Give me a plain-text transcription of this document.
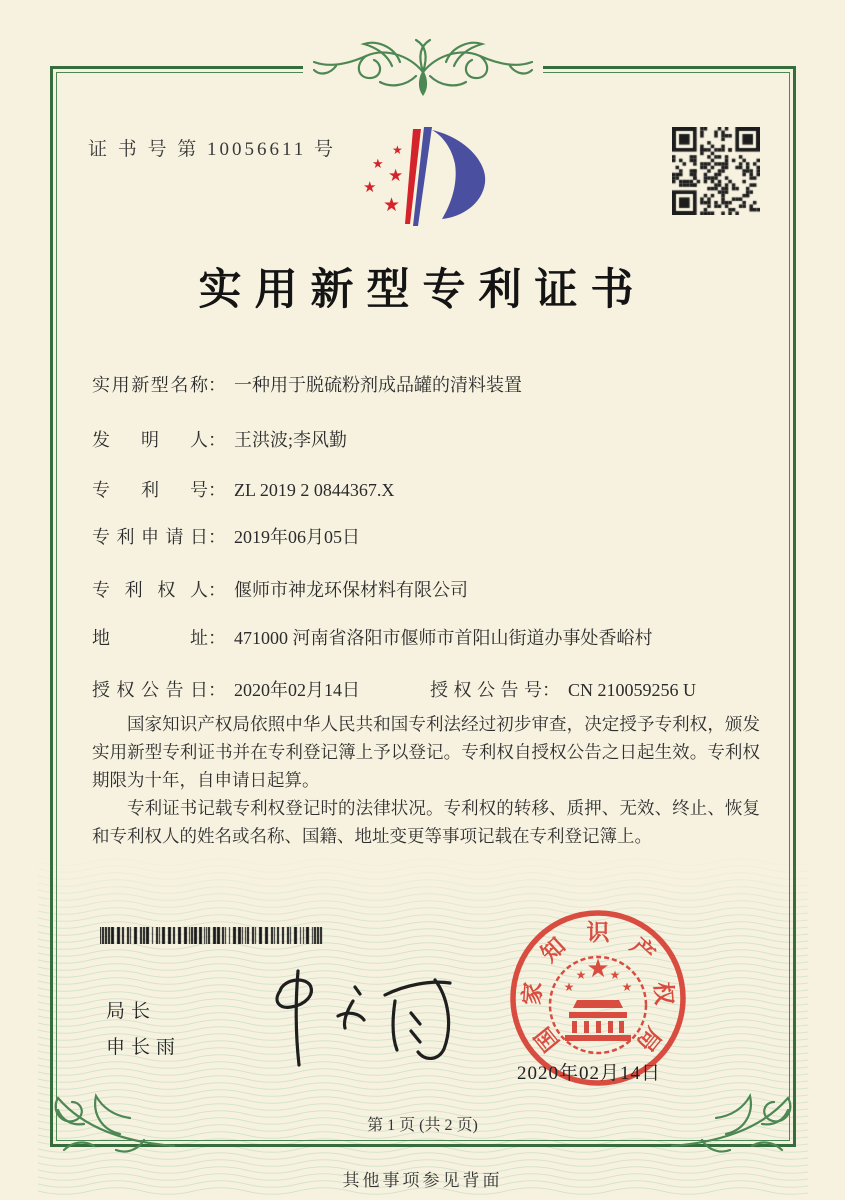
证 书 号 第 10056611 号	★
★
★
★
★
实用新型专利证书
实用新型名称： 一种用于脱硫粉剂成品罐的清料装置
发明人： 王洪波;李风勤
专利号： ZL 2019 2 0844367.X
专利申请日： 2019年06月05日
专利权人： 偃师市神龙环保材料有限公司
地址： 471000 河南省洛阳市偃师市首阳山街道办事处香峪村
授权公告日： 2020年02月14日	授权公告号： CN 210059256 U

国家知识产权局依照中华人民共和国专利法经过初步审查，决定授予专利权，颁发实用新型专利证书并在专利登记簿上予以登记。专利权自授权公告之日起生效。专利权期限为十年，自申请日起算。

专利证书记载专利权登记时的法律状况。专利权的转移、质押、无效、终止、恢复和专利权人的姓名或名称、国籍、地址变更等事项记载在专利登记簿上。

局长
申长雨	国
家
知
识
产
权
局
★
★
★ ★
★
2020年02月14日
第 1 页 (共 2 页)
其他事项参见背面
